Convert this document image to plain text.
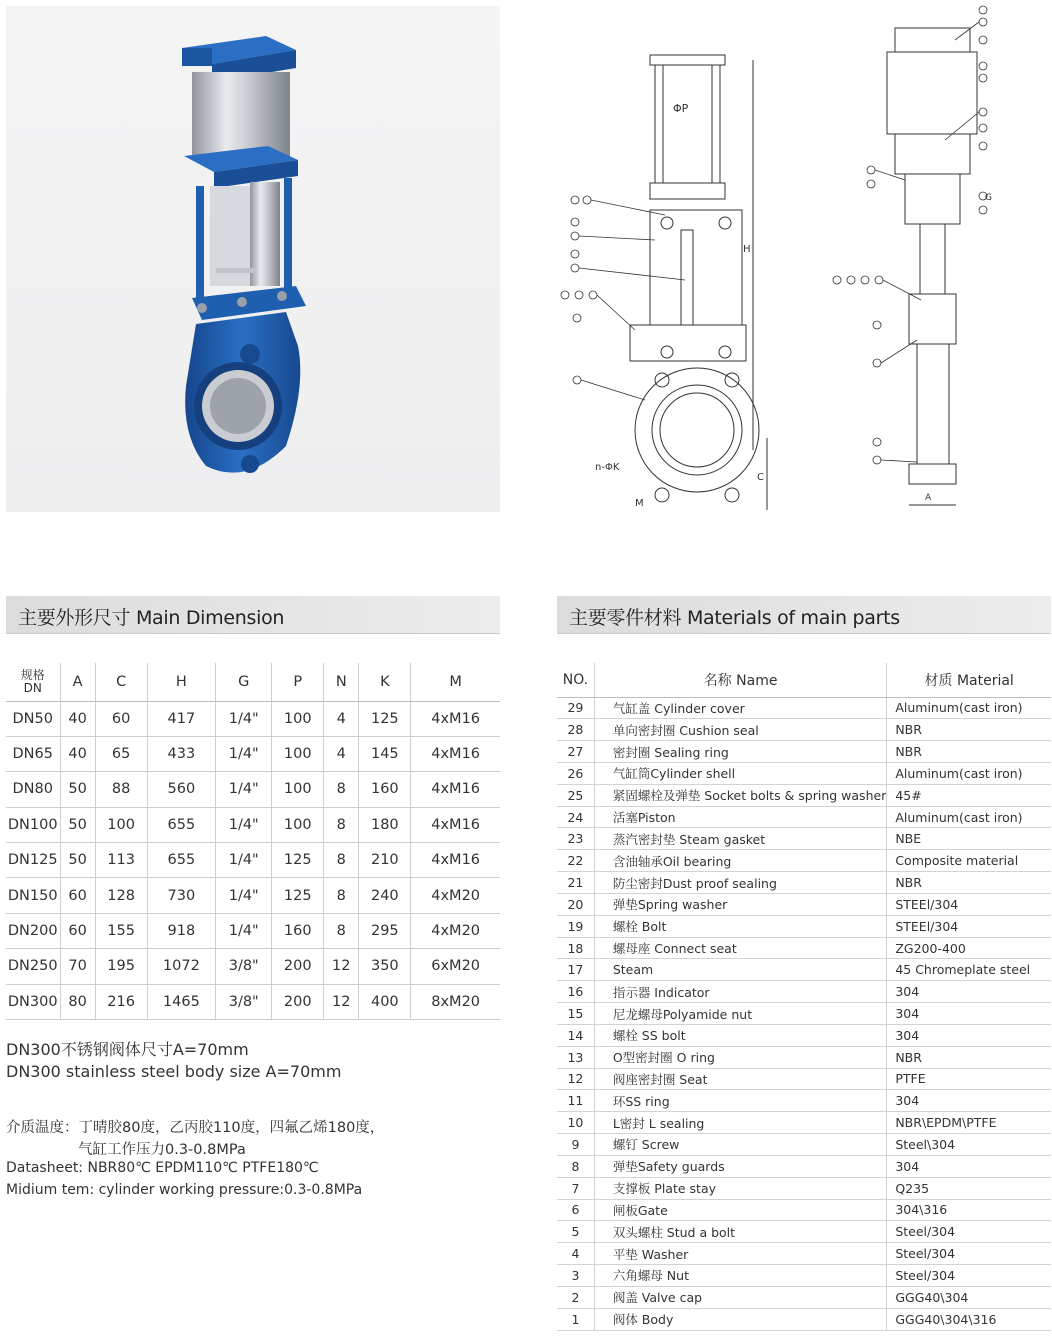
ΦP
H
C
n-ΦK
M	A
G
主要外形尺寸 Main Dimension	主要零件材料 Materials of main parts
规格
DN	A	C	H	G	P	N	K	M
DN50	40	60	417	1/4"	100	4	125	4xM16
DN65	40	65	433	1/4"	100	4	145	4xM16
DN80	50	88	560	1/4"	100	8	160	4xM16
DN100	50	100	655	1/4"	100	8	180	4xM16
DN125	50	113	655	1/4"	125	8	210	4xM16
DN150	60	128	730	1/4"	125	8	240	4xM20
DN200	60	155	918	1/4"	160	8	295	4xM20
DN250	70	195	1072	3/8"	200	12	350	6xM20
DN300	80	216	1465	3/8"	200	12	400	8xM20
DN300不锈钢阀体尺寸A=70mm
DN300 stainless steel body size A=70mm
介质温度：丁晴胶80度，乙丙胶110度，四氟乙烯180度，
气缸工作压力0.3-0.8MPa
Datasheet: NBR80℃ EPDM110℃ PTFE180℃
Midium tem: cylinder working pressure:0.3-0.8MPa
NO.	名称 Name	材质 Material
29	气缸盖 Cylinder cover	Aluminum(cast iron)
28	单向密封圈 Cushion seal	NBR
27	密封圈 Sealing ring	NBR
26	气缸筒Cylinder shell	Aluminum(cast iron)
25	紧固螺栓及弹垫 Socket bolts & spring washer	45#
24	活塞Piston	Aluminum(cast iron)
23	蒸汽密封垫 Steam gasket	NBE
22	含油轴承Oil bearing	Composite material
21	防尘密封Dust proof sealing	NBR
20	弹垫Spring washer	STEEl/304
19	螺栓 Bolt	STEEl/304
18	螺母座 Connect seat	ZG200-400
17	Steam	45 Chromeplate steel
16	指示器 Indicator	304
15	尼龙螺母Polyamide nut	304
14	螺栓 SS bolt	304
13	O型密封圈 O ring	NBR
12	阀座密封圈 Seat	PTFE
11	环SS ring	304
10	L密封 L sealing	NBR\EPDM\PTFE
9	螺钉 Screw	Steel\304
8	弹垫Safety guards	304
7	支撑板 Plate stay	Q235
6	闸板Gate	304\316
5	双头螺柱 Stud a bolt	Steel/304
4	平垫 Washer	Steel/304
3	六角螺母 Nut	Steel/304
2	阀盖 Valve cap	GGG40\304
1	阀体 Body	GGG40\304\316
